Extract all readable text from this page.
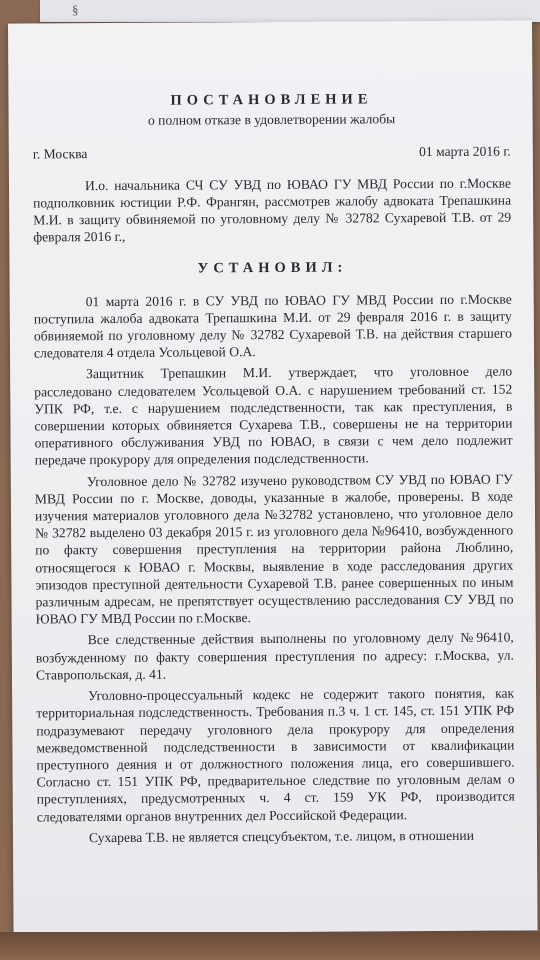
§
ПОСТАНОВЛЕНИЕ
о полном отказе в удовлетворении жалобы
г. Москва	01 марта 2016 г.

И.о. начальника СЧ СУ УВД по ЮВАО ГУ МВД России по г.Москве подполковник юстиции Р.Ф. Франгян, рассмотрев жалобу адвоката Трепашкина М.И. в защиту обвиняемой по уголовному делу № 32782 Сухаревой Т.В. от 29 февраля 2016 г.,

УСТАНОВИЛ:

01 марта 2016 г. в СУ УВД по ЮВАО ГУ МВД России по г.Москве поступила жалоба адвоката Трепашкина М.И. от 29 февраля 2016 г. в защиту обвиняемой по уголовному делу № 32782 Сухаревой Т.В. на действия старшего следователя 4 отдела Усольцевой О.А.

Защитник Трепашкин М.И. утверждает, что уголовное дело расследовано следователем Усольцевой О.А. с нарушением требований ст. 152 УПК РФ, т.е. с нарушением подследственности, так как преступления, в совершении которых обвиняется Сухарева Т.В., совершены не на территории оперативного обслуживания УВД по ЮВАО, в связи с чем дело подлежит передаче прокурору для определения подследственности.

Уголовное дело № 32782 изучено руководством СУ УВД по ЮВАО ГУ МВД России по г. Москве, доводы, указанные в жалобе, проверены. В ходе изучения материалов уголовного дела №32782 установлено, что уголовное дело № 32782 выделено 03 декабря 2015 г. из уголовного дела №96410, возбужденного по факту совершения преступления на территории района Люблино, относящегося к ЮВАО г. Москвы, выявление в ходе расследования других эпизодов преступной деятельности Сухаревой Т.В. ранее совершенных по иным различным адресам, не препятствует осуществлению расследования СУ УВД по ЮВАО ГУ МВД России по г.Москве.

Все следственные действия выполнены по уголовному делу №96410, возбужденному по факту совершения преступления по адресу: г.Москва, ул. Ставропольская, д. 41.

Уголовно-процессуальный кодекс не содержит такого понятия, как территориальная подследственность. Требования п.3 ч. 1 ст. 145, ст. 151 УПК РФ подразумевают передачу уголовного дела прокурору для определения межведомственной подследственности в зависимости от квалификации преступного деяния и от должностного положения лица, его совершившего. Согласно ст. 151 УПК РФ, предварительное следствие по уголовным делам о преступлениях, предусмотренных ч. 4 ст. 159 УК РФ, производится следователями органов внутренних дел Российской Федерации.

Сухарева Т.В. не является спецсубъектом, т.е. лицом, в отношении
